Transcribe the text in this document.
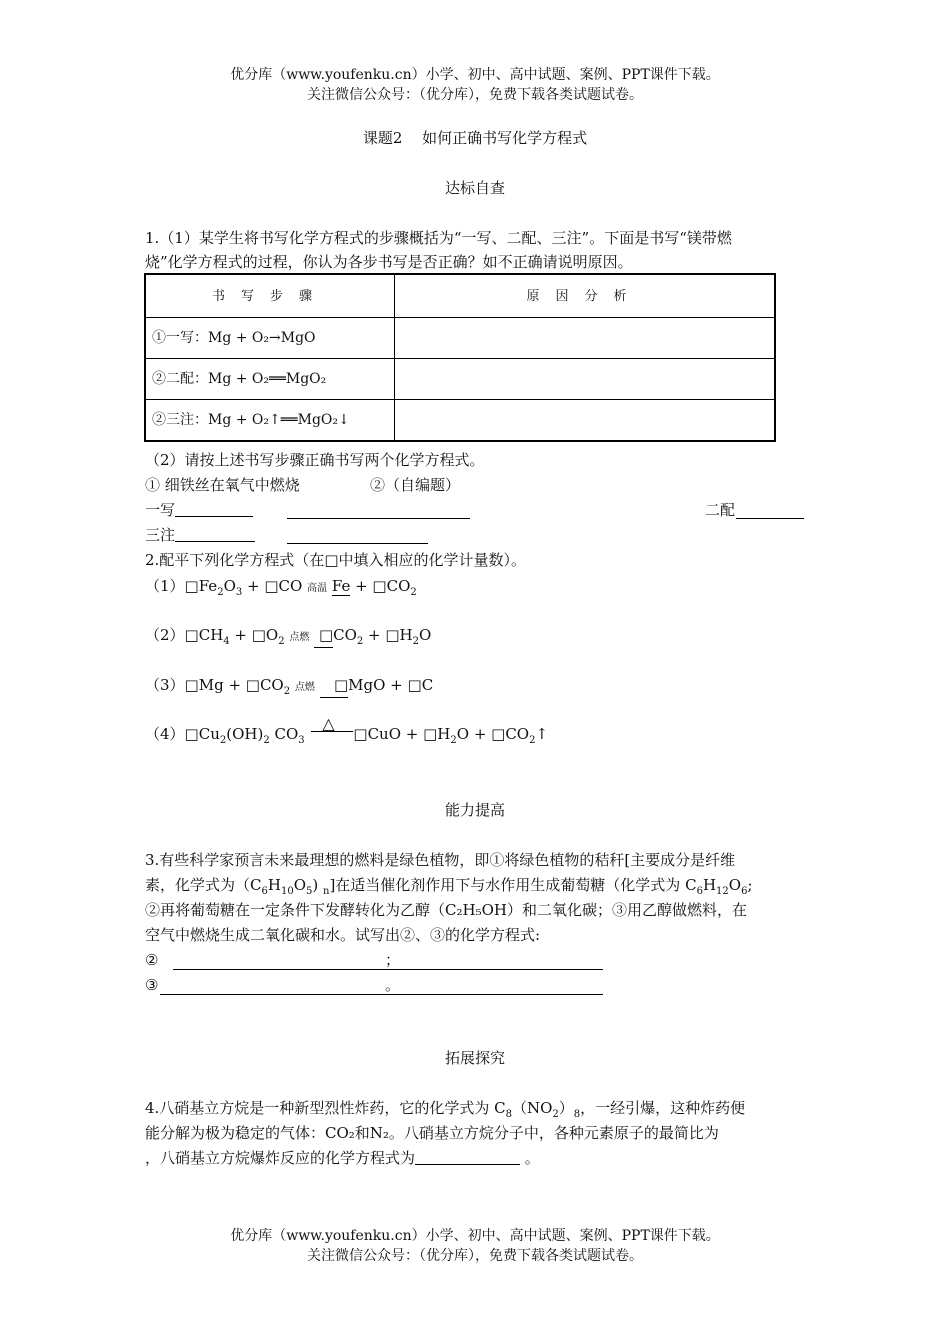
优分库（www.youfenku.cn）小学、初中、高中试题、案例、PPT课件下载。
关注微信公众号：（优分库），免费下载各类试题试卷。
课题2　 如何正确书写化学方程式
达标自查
1.（1）某学生将书写化学方程式的步骤概括为“一写、二配、三注”。下面是书写“镁带燃
烧”化学方程式的过程，你认为各步书写是否正确？如不正确请说明原因。
书写步骤	原因分析
①一写：Mg + O₂→MgO	
②二配：Mg + O₂══MgO₂	
②三注：Mg + O₂↑══MgO₂↓	
（2）请按上述书写步骤正确书写两个化学方程式。
① 细铁丝在氧气中燃烧	②（自编题）
一写	二配
三注
2.配平下列化学方程式（在□中填入相应的化学计量数）。
$(1)□Fe_2O_3$ + □CO 高温 $Fe + □CO_2$
$(2)□CH_4$ + $□O_2$ 点燃  $□CO_2$ + $□H_2O$
（3）□Mg + $□CO_2$ 点燃    □MgO + □C
$(4)□Cu_2(OH)_2$ $CO_3$
△
□CuO + $□H_2O$ + $□CO_2↑$
能力提高
3.有些科学家预言未来最理想的燃料是绿色植物，即①将绿色植物的秸秆[主要成分是纤维
素，化学式为$(C_6H_{10}O_5)$ $_n$]在适当催化剂作用下与水作用生成葡萄糖（化学式为 $C_6H_{12}O_6$;
②再将葡萄糖在一定条件下发酵转化为乙醇（C₂H₅OH）和二氧化碳；③用乙醇做燃料，在
空气中燃烧生成二氧化碳和水。试写出②、③的化学方程式:
②	；
③	。
拓展探究
4.八硝基立方烷是一种新型烈性炸药，它的化学式为 $C_8(NO_2)_8$，一经引爆，这种炸药便
能分解为极为稳定的气体：CO₂和N₂。八硝基立方烷分子中，各种元素原子的最简比为
，八硝基立方烷爆炸反应的化学方程式为	。
优分库（www.youfenku.cn）小学、初中、高中试题、案例、PPT课件下载。
关注微信公众号：（优分库），免费下载各类试题试卷。
